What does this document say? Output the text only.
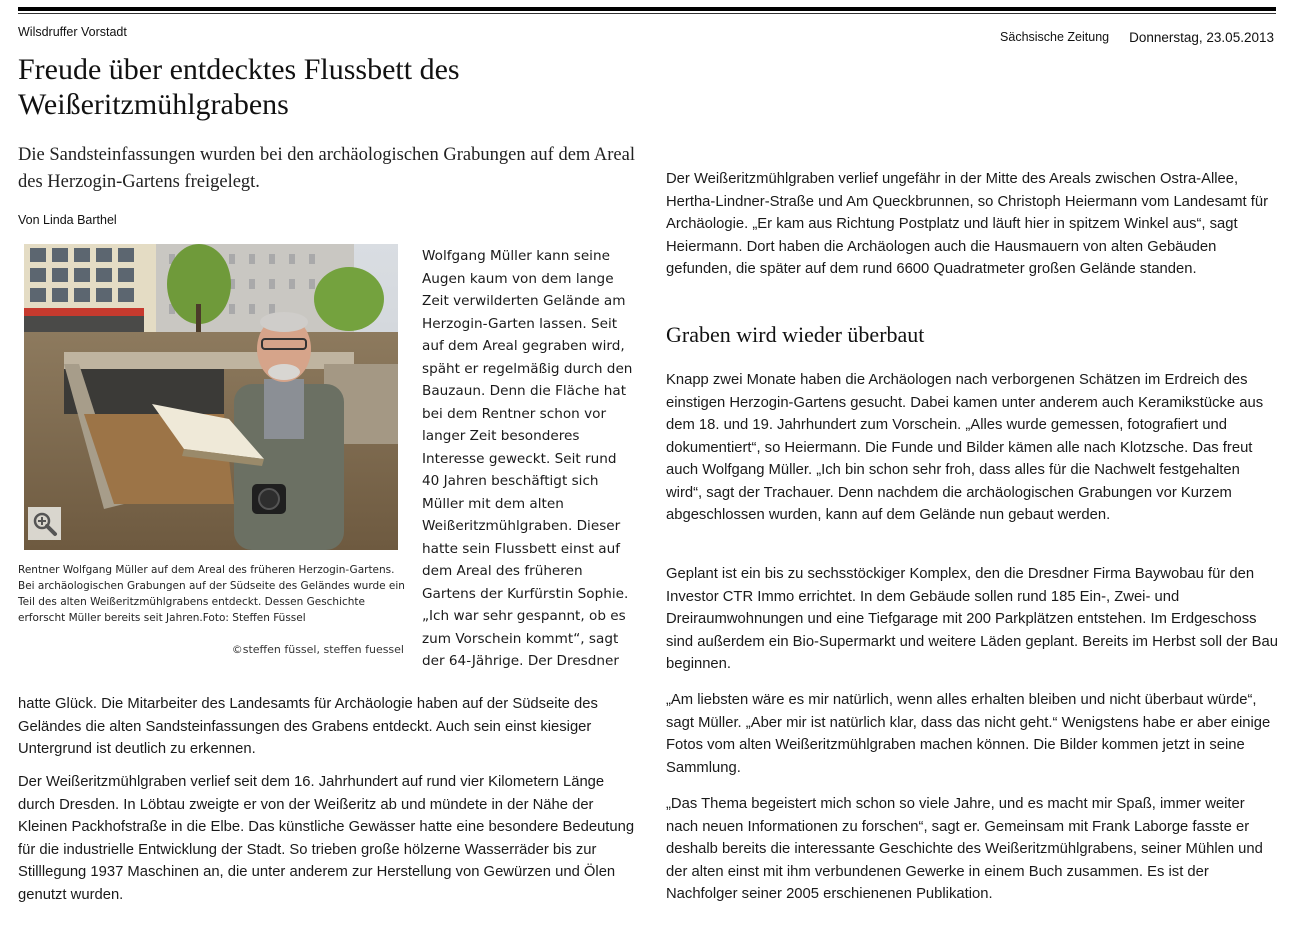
Wilsdruffer Vorstadt	Sächsische Zeitung Donnerstag, 23.05.2013
Freude über entdecktes Flussbett des Weißeritzmühlgrabens

Die Sandsteinfassungen wurden bei den archäologischen Grabungen auf dem Areal des Herzogin-Gartens freigelegt.

Von Linda Barthel
Rentner Wolfgang Müller auf dem Areal des früheren Herzogin-Gartens. Bei archäologischen Grabungen auf der Südseite des Geländes wurde ein Teil des alten Weißeritzmühlgrabens entdeckt. Dessen Geschichte erforscht Müller bereits seit Jahren.Foto: Steffen Füssel
©steffen füssel, steffen fuessel

Wolfgang Müller kann seine Augen kaum von dem lange Zeit verwilderten Gelände am Herzogin-Garten lassen. Seit auf dem Areal gegraben wird, späht er regelmäßig durch den Bauzaun. Denn die Fläche hat bei dem Rentner schon vor langer Zeit besonderes Interesse geweckt. Seit rund 40 Jahren beschäftigt sich Müller mit dem alten Weißeritzmühlgraben. Dieser hatte sein Flussbett einst auf dem Areal des früheren Gartens der Kurfürstin Sophie. „Ich war sehr gespannt, ob es zum Vorschein kommt“, sagt der 64-Jährige. Der Dresdner

hatte Glück. Die Mitarbeiter des Landesamts für Archäologie haben auf der Südseite des Geländes die alten Sandsteinfassungen des Grabens entdeckt. Auch sein einst kiesiger Untergrund ist deutlich zu erkennen.

Der Weißeritzmühlgraben verlief seit dem 16. Jahrhundert auf rund vier Kilometern Länge durch Dresden. In Löbtau zweigte er von der Weißeritz ab und mündete in der Nähe der Kleinen Packhofstraße in die Elbe. Das künstliche Gewässer hatte eine besondere Bedeutung für die industrielle Entwicklung der Stadt. So trieben große hölzerne Wasserräder bis zur Stilllegung 1937 Maschinen an, die unter anderem zur Herstellung von Gewürzen und Ölen genutzt wurden.

Der Weißeritzmühlgraben verlief ungefähr in der Mitte des Areals zwischen Ostra-Allee, Hertha-Lindner-Straße und Am Queckbrunnen, so Christoph Heiermann vom Landesamt für Archäologie. „Er kam aus Richtung Postplatz und läuft hier in spitzem Winkel aus“, sagt Heiermann. Dort haben die Archäologen auch die Hausmauern von alten Gebäuden gefunden, die später auf dem rund 6600 Quadratmeter großen Gelände standen.

Graben wird wieder überbaut

Knapp zwei Monate haben die Archäologen nach verborgenen Schätzen im Erdreich des einstigen Herzogin-Gartens gesucht. Dabei kamen unter anderem auch Keramikstücke aus dem 18. und 19. Jahrhundert zum Vorschein. „Alles wurde gemessen, fotografiert und dokumentiert“, so Heiermann. Die Funde und Bilder kämen alle nach Klotzsche. Das freut auch Wolfgang Müller. „Ich bin schon sehr froh, dass alles für die Nachwelt festgehalten wird“, sagt der Trachauer. Denn nachdem die archäologischen Grabungen vor Kurzem abgeschlossen wurden, kann auf dem Gelände nun gebaut werden.

Geplant ist ein bis zu sechsstöckiger Komplex, den die Dresdner Firma Baywobau für den Investor CTR Immo errichtet. In dem Gebäude sollen rund 185 Ein-, Zwei- und Dreiraumwohnungen und eine Tiefgarage mit 200 Parkplätzen entstehen. Im Erdgeschoss sind außerdem ein Bio-Supermarkt und weitere Läden geplant. Bereits im Herbst soll der Bau beginnen.

„Am liebsten wäre es mir natürlich, wenn alles erhalten bleiben und nicht überbaut würde“, sagt Müller. „Aber mir ist natürlich klar, dass das nicht geht.“ Wenigstens habe er aber einige Fotos vom alten Weißeritzmühlgraben machen können. Die Bilder kommen jetzt in seine Sammlung.

„Das Thema begeistert mich schon so viele Jahre, und es macht mir Spaß, immer weiter nach neuen Informationen zu forschen“, sagt er. Gemeinsam mit Frank Laborge fasste er deshalb bereits die interessante Geschichte des Weißeritzmühlgrabens, seiner Mühlen und der alten einst mit ihm verbundenen Gewerke in einem Buch zusammen. Es ist der Nachfolger seiner 2005 erschienenen Publikation.
